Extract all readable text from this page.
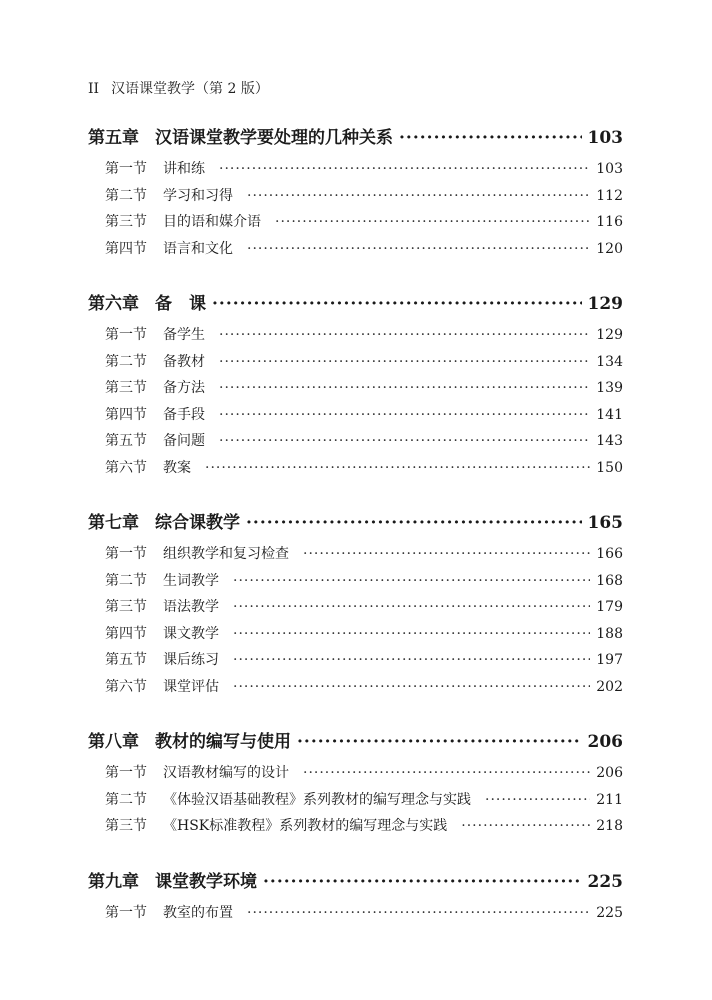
II 汉语课堂教学（第 2 版）
第五章 汉语课堂教学要处理的几种关系 ·····	103
第一节 讲和练 ·····	103
第二节 学习和习得 ·····	112
第三节 目的语和媒介语 ·····	116
第四节 语言和文化 ·····	120
第六章 备　课 ·····	129
第一节 备学生 ·····	129
第二节 备教材 ·····	134
第三节 备方法 ·····	139
第四节 备手段 ·····	141
第五节 备问题 ·····	143
第六节 教案 ·····	150
第七章 综合课教学 ·····	165
第一节 组织教学和复习检查 ·····	166
第二节 生词教学 ·····	168
第三节 语法教学 ·····	179
第四节 课文教学 ·····	188
第五节 课后练习 ·····	197
第六节 课堂评估 ·····	202
第八章 教材的编写与使用 ·····	206
第一节 汉语教材编写的设计 ·····	206
第二节 《体验汉语基础教程》系列教材的编写理念与实践 ·····	211
第三节 《HSK标准教程》系列教材的编写理念与实践 ·····	218
第九章 课堂教学环境 ·····	225
第一节 教室的布置 ·····	225
